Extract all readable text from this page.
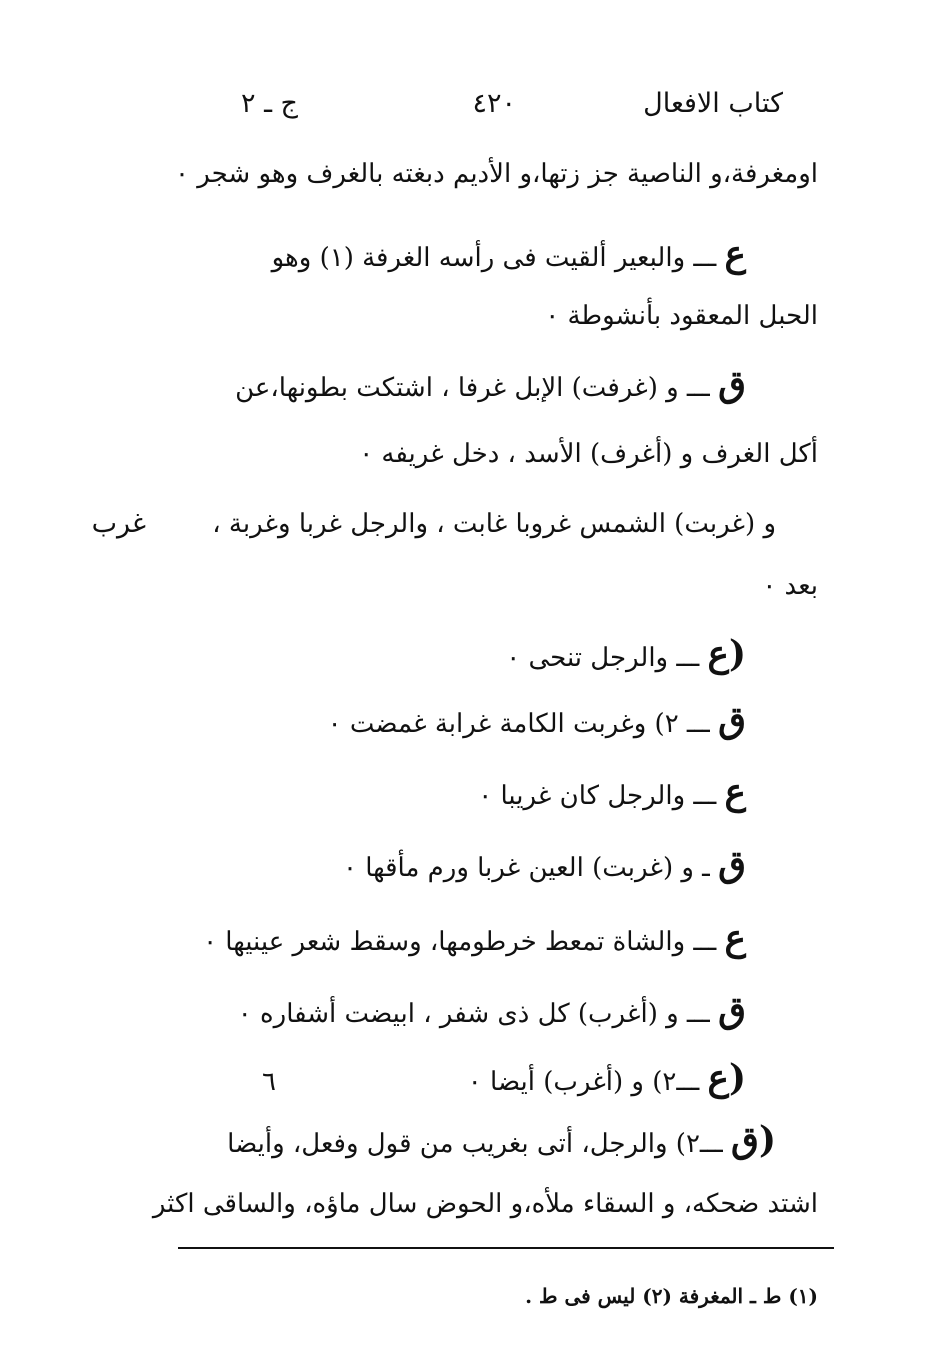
كتاب الافعال
٤٢٠
ج ـ ٢
اومغرفة،و الناصية جز زتها،و الأديم دبغته بالغرف وهو شجر ٠
ع ـــ والبعير ألقيت فى رأسه الغرفة (١) وهو
الحبل المعقود بأنشوطة ٠
ق ـــ و (غرفت) الإبل غرفا ، اشتكت بطونها،عن
أكل الغرف و (أغرف) الأسد ، دخل غريفه ٠
غرب	و (غربت) الشمس غروبا غابت ، والرجل غربا وغربة ،
بعد ٠
(ع ـــ والرجل تنحى ٠
ق ـــ ٢) وغربت الكامة غرابة غمضت ٠
ع ـــ والرجل كان غريبا ٠
ق ـ و (غربت) العين غربا ورم مأقها ٠
ع ـــ والشاة تمعط خرطومها، وسقط شعر عينيها ٠
ق ـــ و (أغرب) كل ذى شفر ، ابيضت أشفاره ٠
(ع ـــ٢) و (أغرب) أيضا ٠
٦
(ق ـــ٢) والرجل، أتى بغريب من قول وفعل، وأيضا
اشتد ضحكه، و السقاء ملأه،و الحوض سال ماؤه، والساقى اكثر
(١) ط ـ المغرفة (٢) ليس فى ط .
